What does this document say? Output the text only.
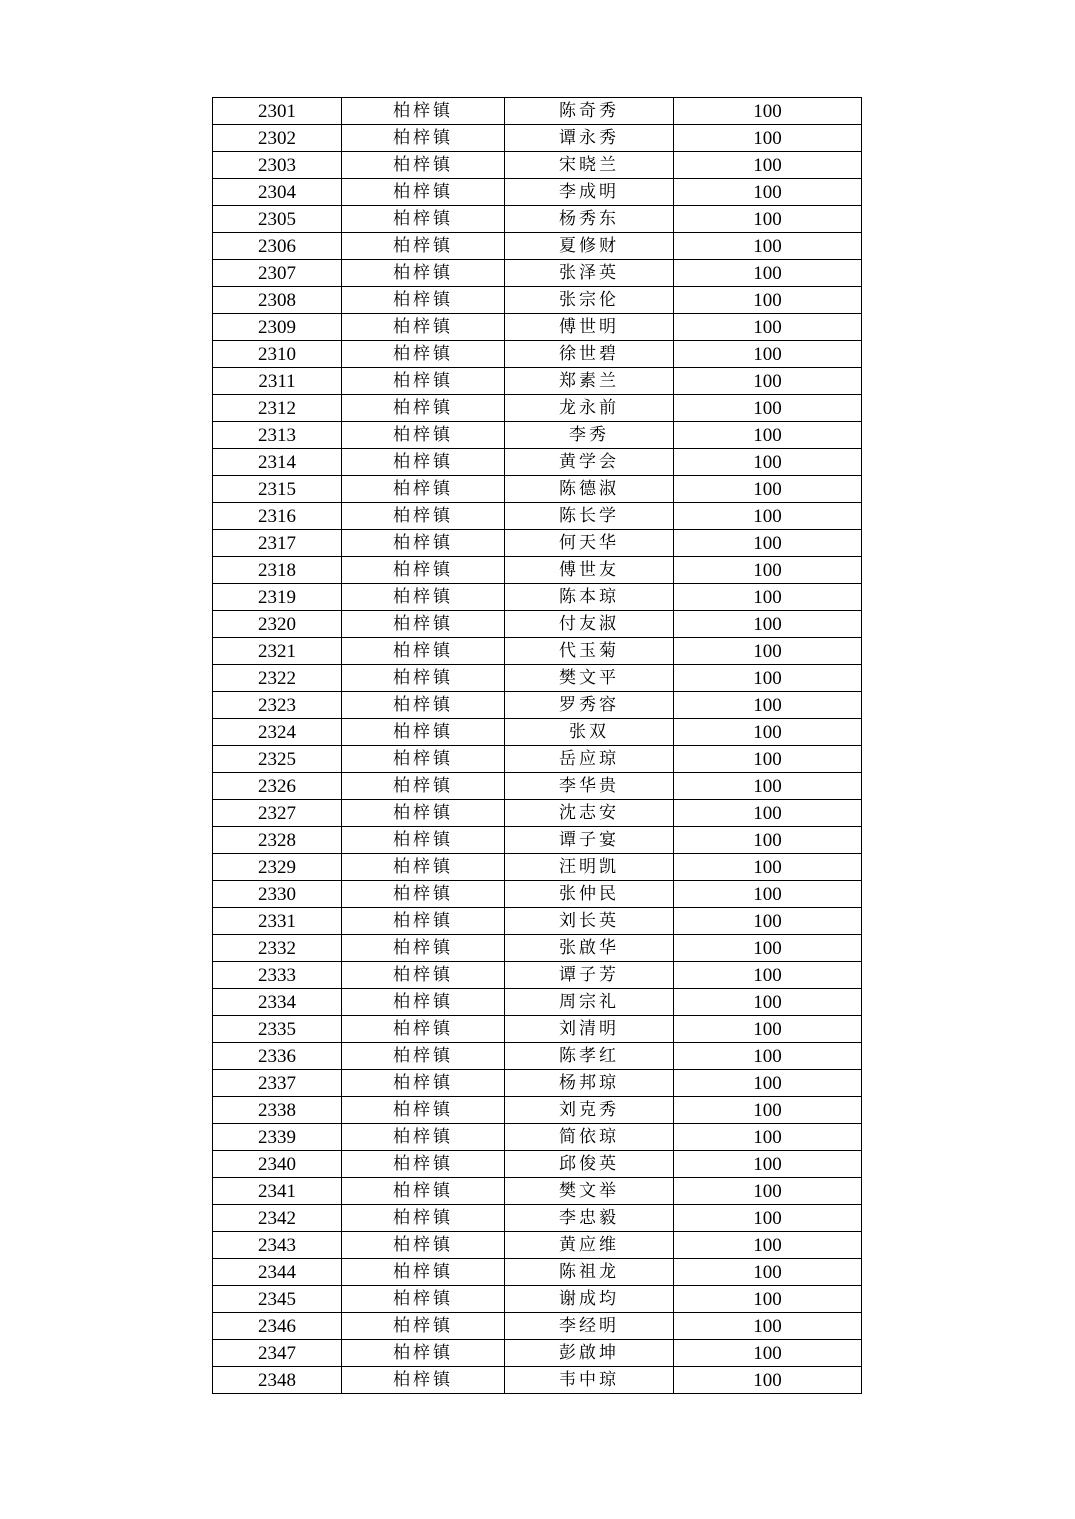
2301	柏梓镇	陈奇秀	100
2302	柏梓镇	谭永秀	100
2303	柏梓镇	宋晓兰	100
2304	柏梓镇	李成明	100
2305	柏梓镇	杨秀东	100
2306	柏梓镇	夏修财	100
2307	柏梓镇	张泽英	100
2308	柏梓镇	张宗伦	100
2309	柏梓镇	傅世明	100
2310	柏梓镇	徐世碧	100
2311	柏梓镇	郑素兰	100
2312	柏梓镇	龙永前	100
2313	柏梓镇	李秀	100
2314	柏梓镇	黄学会	100
2315	柏梓镇	陈德淑	100
2316	柏梓镇	陈长学	100
2317	柏梓镇	何天华	100
2318	柏梓镇	傅世友	100
2319	柏梓镇	陈本琼	100
2320	柏梓镇	付友淑	100
2321	柏梓镇	代玉菊	100
2322	柏梓镇	樊文平	100
2323	柏梓镇	罗秀容	100
2324	柏梓镇	张双	100
2325	柏梓镇	岳应琼	100
2326	柏梓镇	李华贵	100
2327	柏梓镇	沈志安	100
2328	柏梓镇	谭子宴	100
2329	柏梓镇	汪明凯	100
2330	柏梓镇	张仲民	100
2331	柏梓镇	刘长英	100
2332	柏梓镇	张啟华	100
2333	柏梓镇	谭子芳	100
2334	柏梓镇	周宗礼	100
2335	柏梓镇	刘清明	100
2336	柏梓镇	陈孝红	100
2337	柏梓镇	杨邦琼	100
2338	柏梓镇	刘克秀	100
2339	柏梓镇	简依琼	100
2340	柏梓镇	邱俊英	100
2341	柏梓镇	樊文举	100
2342	柏梓镇	李忠毅	100
2343	柏梓镇	黄应维	100
2344	柏梓镇	陈祖龙	100
2345	柏梓镇	谢成均	100
2346	柏梓镇	李经明	100
2347	柏梓镇	彭啟坤	100
2348	柏梓镇	韦中琼	100
